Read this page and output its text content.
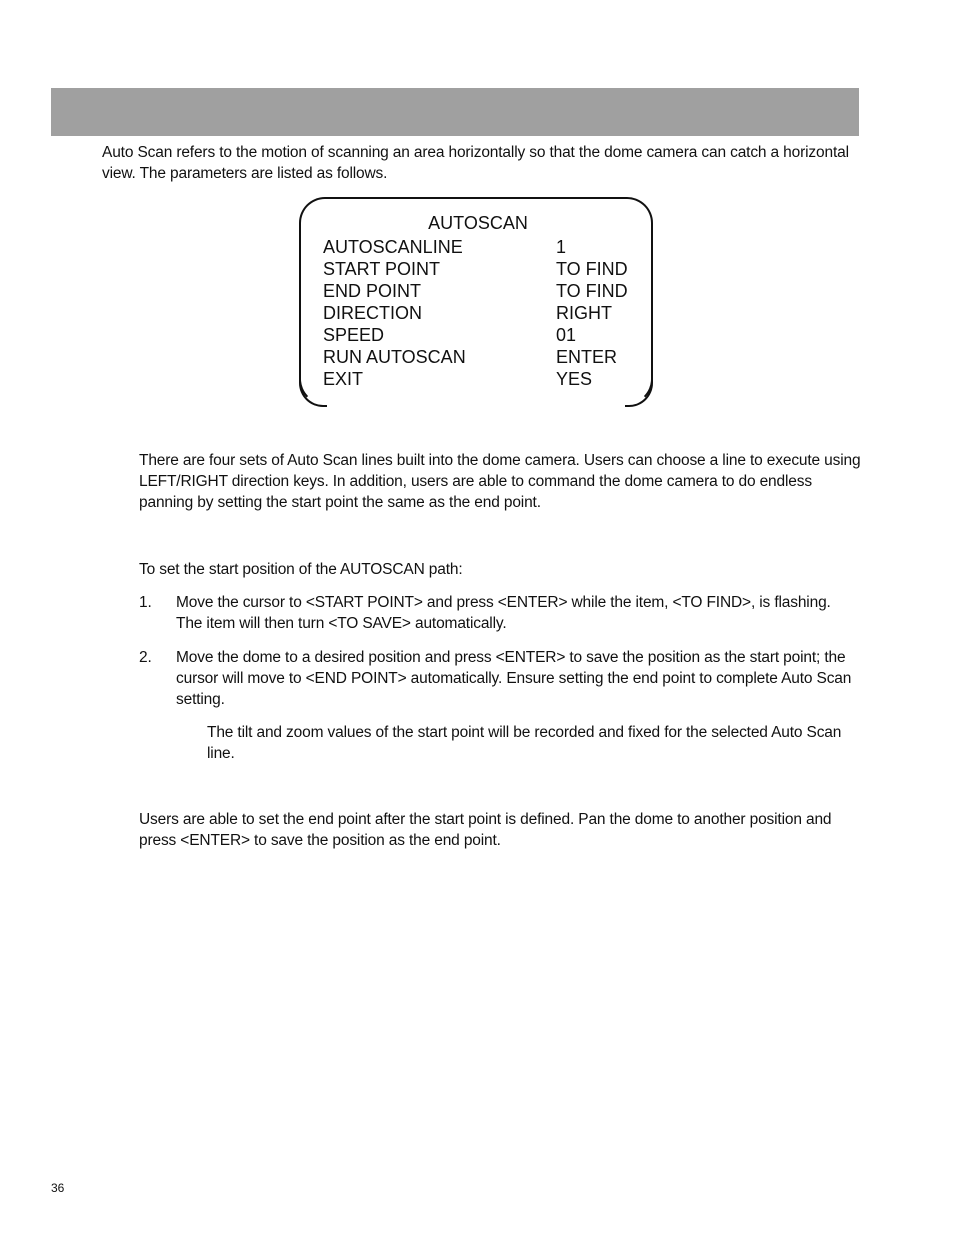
Auto Scan refers to the motion of scanning an area horizontally so that the dome camera can catch a horizontal view. The parameters are listed as follows.

AUTOSCAN
AUTOSCANLINE	1
START POINT	TO FIND
END POINT	TO FIND
DIRECTION	RIGHT
SPEED	01
RUN AUTOSCAN	ENTER
EXIT	YES

There are four sets of Auto Scan lines built into the dome camera. Users can choose a line to execute using LEFT/RIGHT direction keys. In addition, users are able to command the dome camera to do endless panning by setting the start point the same as the end point.

To set the start position of the AUTOSCAN path:

1. Move the cursor to <START POINT> and press <ENTER> while the item, <TO FIND>, is flashing. The item will then turn <TO SAVE> automatically.
2. Move the dome to a desired position and press <ENTER> to save the position as the start point; the cursor will move to <END POINT> automatically. Ensure setting the end point to complete Auto Scan setting.

The tilt and zoom values of the start point will be recorded and fixed for the selected Auto Scan line.

Users are able to set the end point after the start point is defined. Pan the dome to another position and press <ENTER> to save the position as the end point.

36
